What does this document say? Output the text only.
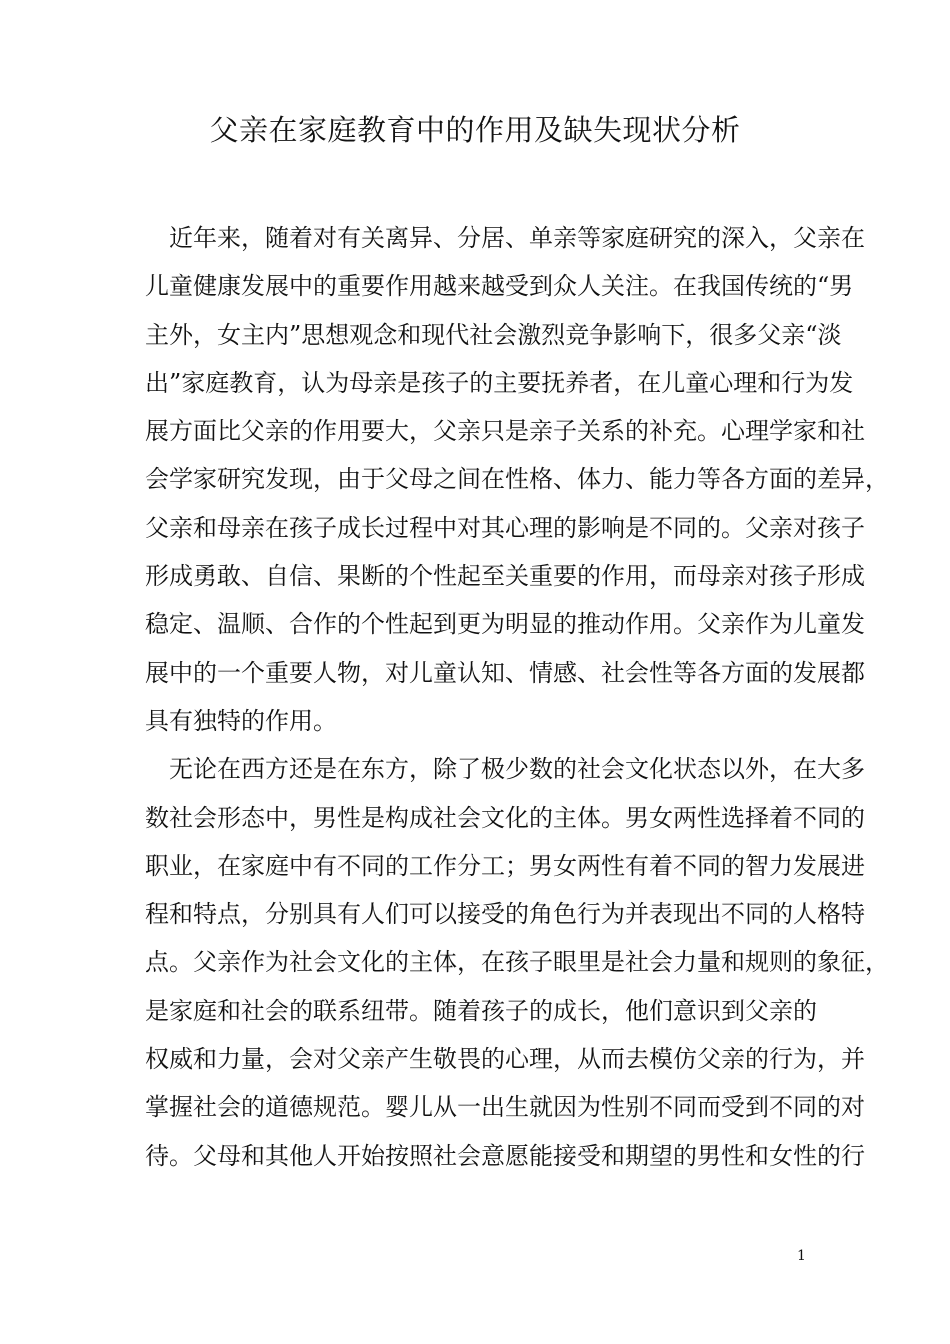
父亲在家庭教育中的作用及缺失现状分析
近年来，随着对有关离异、分居、单亲等家庭研究的深入，父亲在
儿童健康发展中的重要作用越来越受到众人关注。在我国传统的“男
主外，女主内”思想观念和现代社会激烈竞争影响下，很多父亲“淡
出”家庭教育，认为母亲是孩子的主要抚养者，在儿童心理和行为发
展方面比父亲的作用要大，父亲只是亲子关系的补充。心理学家和社
会学家研究发现，由于父母之间在性格、体力、能力等各方面的差异，
父亲和母亲在孩子成长过程中对其心理的影响是不同的。父亲对孩子
形成勇敢、自信、果断的个性起至关重要的作用，而母亲对孩子形成
稳定、温顺、合作的个性起到更为明显的推动作用。父亲作为儿童发
展中的一个重要人物，对儿童认知、情感、社会性等各方面的发展都
具有独特的作用。
无论在西方还是在东方，除了极少数的社会文化状态以外，在大多
数社会形态中，男性是构成社会文化的主体。男女两性选择着不同的
职业，在家庭中有不同的工作分工；男女两性有着不同的智力发展进
程和特点，分别具有人们可以接受的角色行为并表现出不同的人格特
点。父亲作为社会文化的主体，在孩子眼里是社会力量和规则的象征，
是家庭和社会的联系纽带。随着孩子的成长，他们意识到父亲的
权威和力量，会对父亲产生敬畏的心理，从而去模仿父亲的行为，并
掌握社会的道德规范。婴儿从一出生就因为性别不同而受到不同的对
待。父母和其他人开始按照社会意愿能接受和期望的男性和女性的行
1
